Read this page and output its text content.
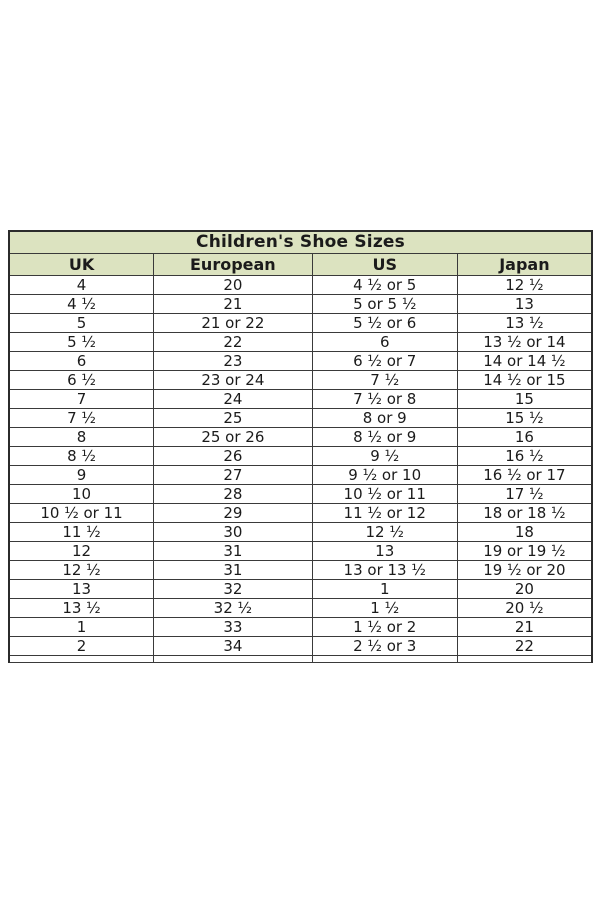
Children's Shoe Sizes			
UK	European	US	Japan
4	20	4 ½ or 5	12 ½
4 ½	21	5 or 5 ½	13
5	21 or 22	5 ½ or 6	13 ½
5 ½	22	6	13 ½ or 14
6	23	6 ½ or 7	14 or 14 ½
6 ½	23 or 24	7 ½	14 ½ or 15
7	24	7 ½ or 8	15
7 ½	25	8 or 9	15 ½
8	25 or 26	8 ½ or 9	16
8 ½	26	9 ½	16 ½
9	27	9 ½ or 10	16 ½ or 17
10	28	10 ½ or 11	17 ½
10 ½ or 11	29	11 ½ or 12	18 or 18 ½
11 ½	30	12 ½	18
12	31	13	19 or 19 ½
12 ½	31	13 or 13 ½	19 ½ or 20
13	32	1	20
13 ½	32 ½	1 ½	20 ½
1	33	1 ½ or 2	21
2	34	2 ½ or 3	22
